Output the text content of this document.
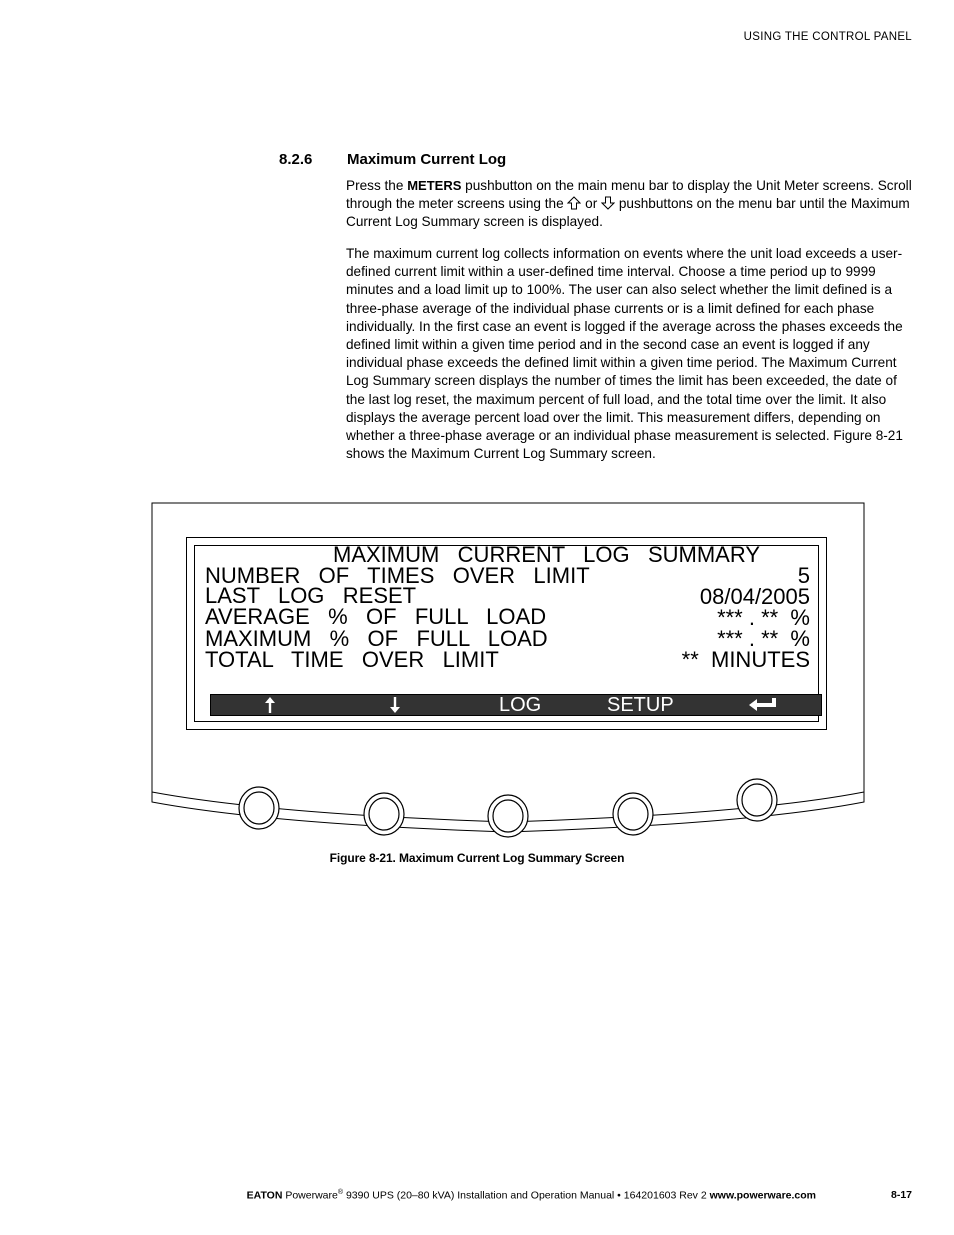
USING THE CONTROL PANEL
8.2.6 Maximum Current Log
Press the METERS pushbutton on the main menu bar to display the Unit Meter screens. Scroll through the meter screens using the  or  pushbuttons on the menu bar until the Maximum Current Log Summary screen is displayed.
The maximum current log collects information on events where the unit load exceeds a user-defined current limit within a user-defined time interval. Choose a time period up to 9999 minutes and a load limit up to 100%. The user can also select whether the limit defined is a three-phase average of the individual phase currents or is a limit defined for each phase individually. In the first case an event is logged if the average across the phases exceeds the defined limit within a given time period and in the second case an event is logged if any individual phase exceeds the defined limit within a given time period. The Maximum Current Log Summary screen displays the number of times the limit has been exceeded, the date of the last log reset, the maximum percent of full load, and the total time over the limit. It also displays the average percent load over the limit. This measurement differs, depending on whether a three-phase average or an individual phase measurement is selected. Figure 8-21 shows the Maximum Current Log Summary screen.
MAXIMUM   CURRENT   LOG   SUMMARY
NUMBER   OF   TIMES   OVER   LIMIT	5
LAST   LOG   RESET	08/04/2005
AVERAGE   %   OF   FULL   LOAD	*** . **  %
MAXIMUM   %   OF   FULL   LOAD	*** . **  %
TOTAL   TIME   OVER   LIMIT	**  MINUTES
LOG	SETUP
Figure 8-21. Maximum Current Log Summary Screen
EATON Powerware® 9390 UPS (20–80 kVA) Installation and Operation Manual • 164201603 Rev 2 www.powerware.com	8-17
